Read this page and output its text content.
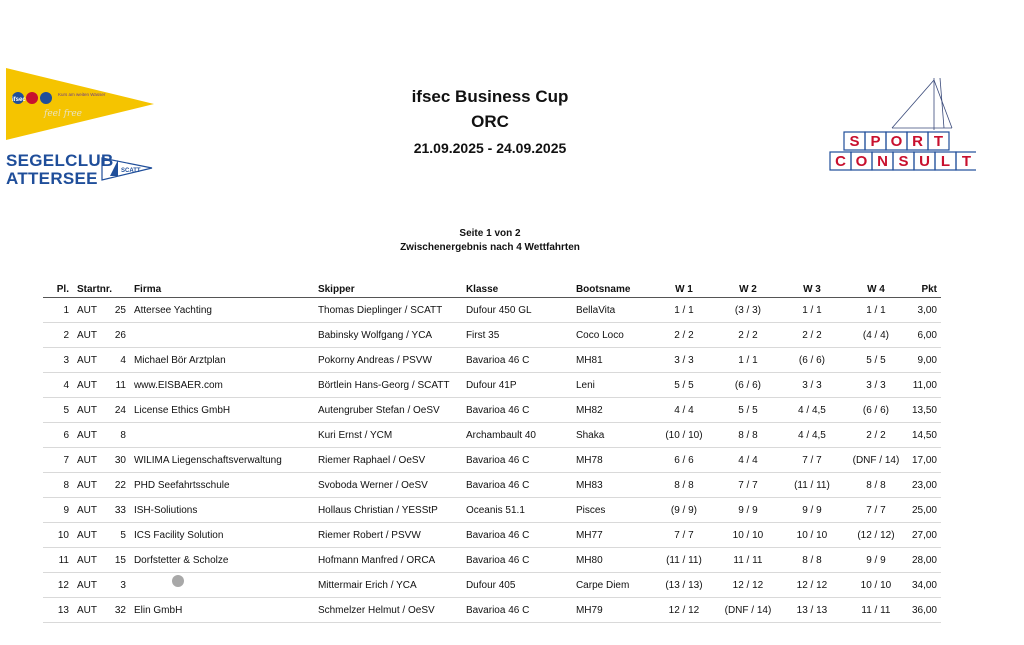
ifsec
Kurs am weiten Wasser
feel free
SEGELCLUB
ATTERSEE	SCATT
ifsec Business Cup
ORC
21.09.2025 - 24.09.2025	S P O R T
C O N S U L T
Seite 1 von 2
Zwischenergebnis nach 4 Wettfahrten
Pl.	Startnr.		Firma	Skipper	Klasse	Bootsname	W 1	W 2	W 3	W 4	Pkt
1	AUT	25	Attersee Yachting	Thomas Dieplinger / SCATT	Dufour 450 GL	BellaVita	1 / 1	(3 / 3)	1 / 1	1 / 1	3,00
2	AUT	26		Babinsky Wolfgang / YCA	First 35	Coco Loco	2 / 2	2 / 2	2 / 2	(4 / 4)	6,00
3	AUT	4	Michael Bör Arztplan	Pokorny Andreas / PSVW	Bavarioa 46 C	MH81	3 / 3	1 / 1	(6 / 6)	5 / 5	9,00
4	AUT	11	www.EISBAER.com	Börtlein Hans-Georg / SCATT	Dufour 41P	Leni	5 / 5	(6 / 6)	3 / 3	3 / 3	11,00
5	AUT	24	License Ethics GmbH	Autengruber Stefan / OeSV	Bavarioa 46 C	MH82	4 / 4	5 / 5	4 / 4,5	(6 / 6)	13,50
6	AUT	8		Kuri Ernst / YCM	Archambault 40	Shaka	(10 / 10)	8 / 8	4 / 4,5	2 / 2	14,50
7	AUT	30	WILIMA Liegenschaftsverwaltung	Riemer Raphael / OeSV	Bavarioa 46 C	MH78	6 / 6	4 / 4	7 / 7	(DNF / 14)	17,00
8	AUT	22	PHD Seefahrtsschule	Svoboda Werner / OeSV	Bavarioa 46 C	MH83	8 / 8	7 / 7	(11 / 11)	8 / 8	23,00
9	AUT	33	ISH-Soliutions	Hollaus Christian / YESStP	Oceanis 51.1	Pisces	(9 / 9)	9 / 9	9 / 9	7 / 7	25,00
10	AUT	5	ICS Facility Solution	Riemer Robert / PSVW	Bavarioa 46 C	MH77	7 / 7	10 / 10	10 / 10	(12 / 12)	27,00
11	AUT	15	Dorfstetter & Scholze	Hofmann Manfred / ORCA	Bavarioa 46 C	MH80	(11 / 11)	11 / 11	8 / 8	9 / 9	28,00
12	AUT	3		Mittermair Erich / YCA	Dufour 405	Carpe Diem	(13 / 13)	12 / 12	12 / 12	10 / 10	34,00
13	AUT	32	Elin GmbH	Schmelzer Helmut / OeSV	Bavarioa 46 C	MH79	12 / 12	(DNF / 14)	13 / 13	11 / 11	36,00
